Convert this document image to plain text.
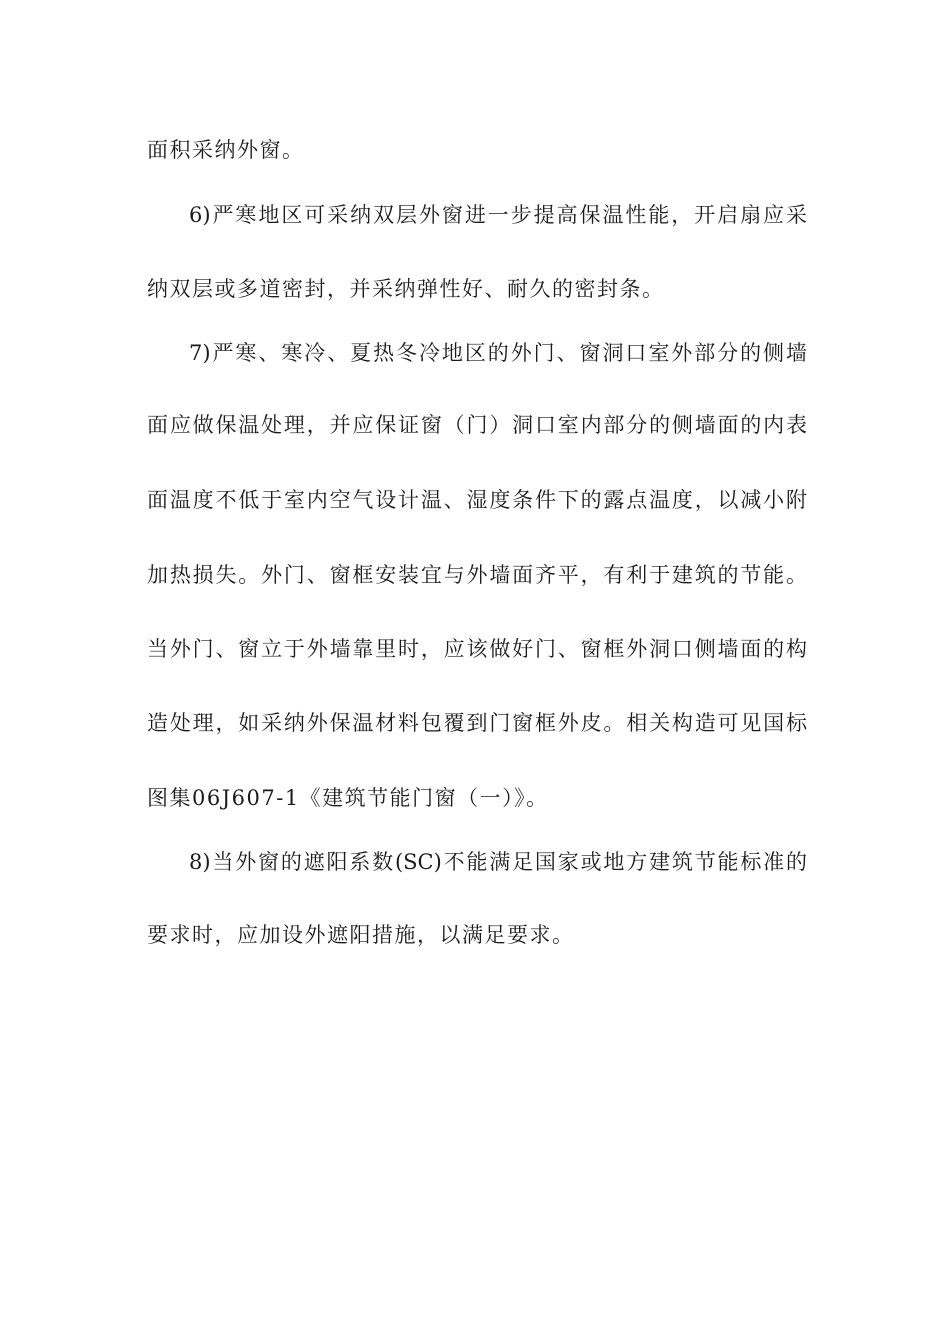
面积采纳外窗。
6)严寒地区可采纳双层外窗进一步提高保温性能，开启扇应采
纳双层或多道密封，并采纳弹性好、耐久的密封条。
7)严寒、寒冷、夏热冬冷地区的外门、窗洞口室外部分的侧墙
面应做保温处理，并应保证窗（门）洞口室内部分的侧墙面的内表
面温度不低于室内空气设计温、湿度条件下的露点温度，以减小附
加热损失。外门、窗框安装宜与外墙面齐平，有利于建筑的节能。
当外门、窗立于外墙靠里时，应该做好门、窗框外洞口侧墙面的构
造处理，如采纳外保温材料包覆到门窗框外皮。相关构造可见国标
图集06J607-1《建筑节能门窗（一）》。
8)当外窗的遮阳系数(SC)不能满足国家或地方建筑节能标准的
要求时，应加设外遮阳措施，以满足要求。
